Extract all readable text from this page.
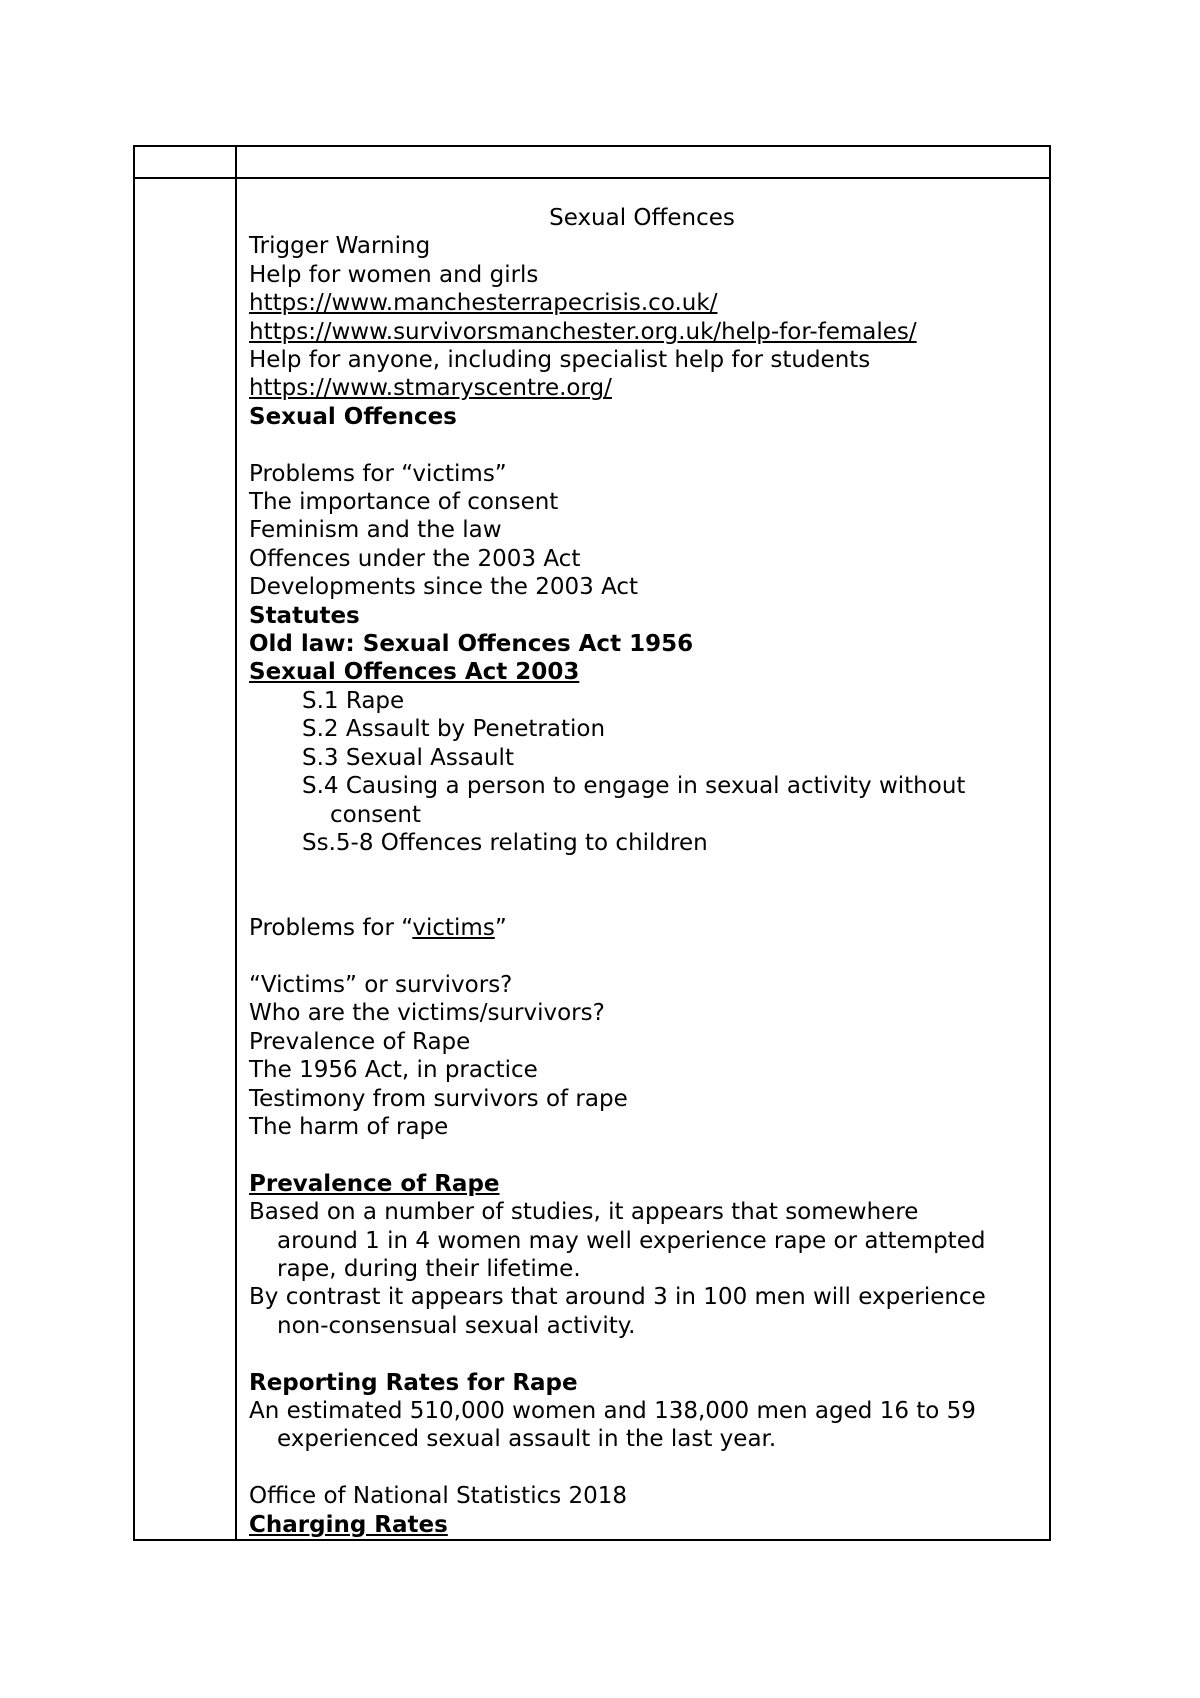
Sexual Offences
Trigger Warning
Help for women and girls
https://www.manchesterrapecrisis.co.uk/
https://www.survivorsmanchester.org.uk/help-for-females/
Help for anyone, including specialist help for students
https://www.stmaryscentre.org/
Sexual Offences
Problems for “victims”
The importance of consent
Feminism and the law
Offences under the 2003 Act
Developments since the 2003 Act
Statutes
Old law: Sexual Offences Act 1956
Sexual Offences Act 2003
S.1 Rape
S.2 Assault by Penetration
S.3 Sexual Assault
S.4 Causing a person to engage in sexual activity without
consent
Ss.5-8 Offences relating to children
Problems for “victims”
“Victims” or survivors?
Who are the victims/survivors?
Prevalence of Rape
The 1956 Act, in practice
Testimony from survivors of rape
The harm of rape
Prevalence of Rape
Based on a number of studies, it appears that somewhere
around 1 in 4 women may well experience rape or attempted
rape, during their lifetime.
By contrast it appears that around 3 in 100 men will experience
non-consensual sexual activity.
Reporting Rates for Rape
An estimated 510,000 women and 138,000 men aged 16 to 59
experienced sexual assault in the last year.
Office of National Statistics 2018
Charging Rates
